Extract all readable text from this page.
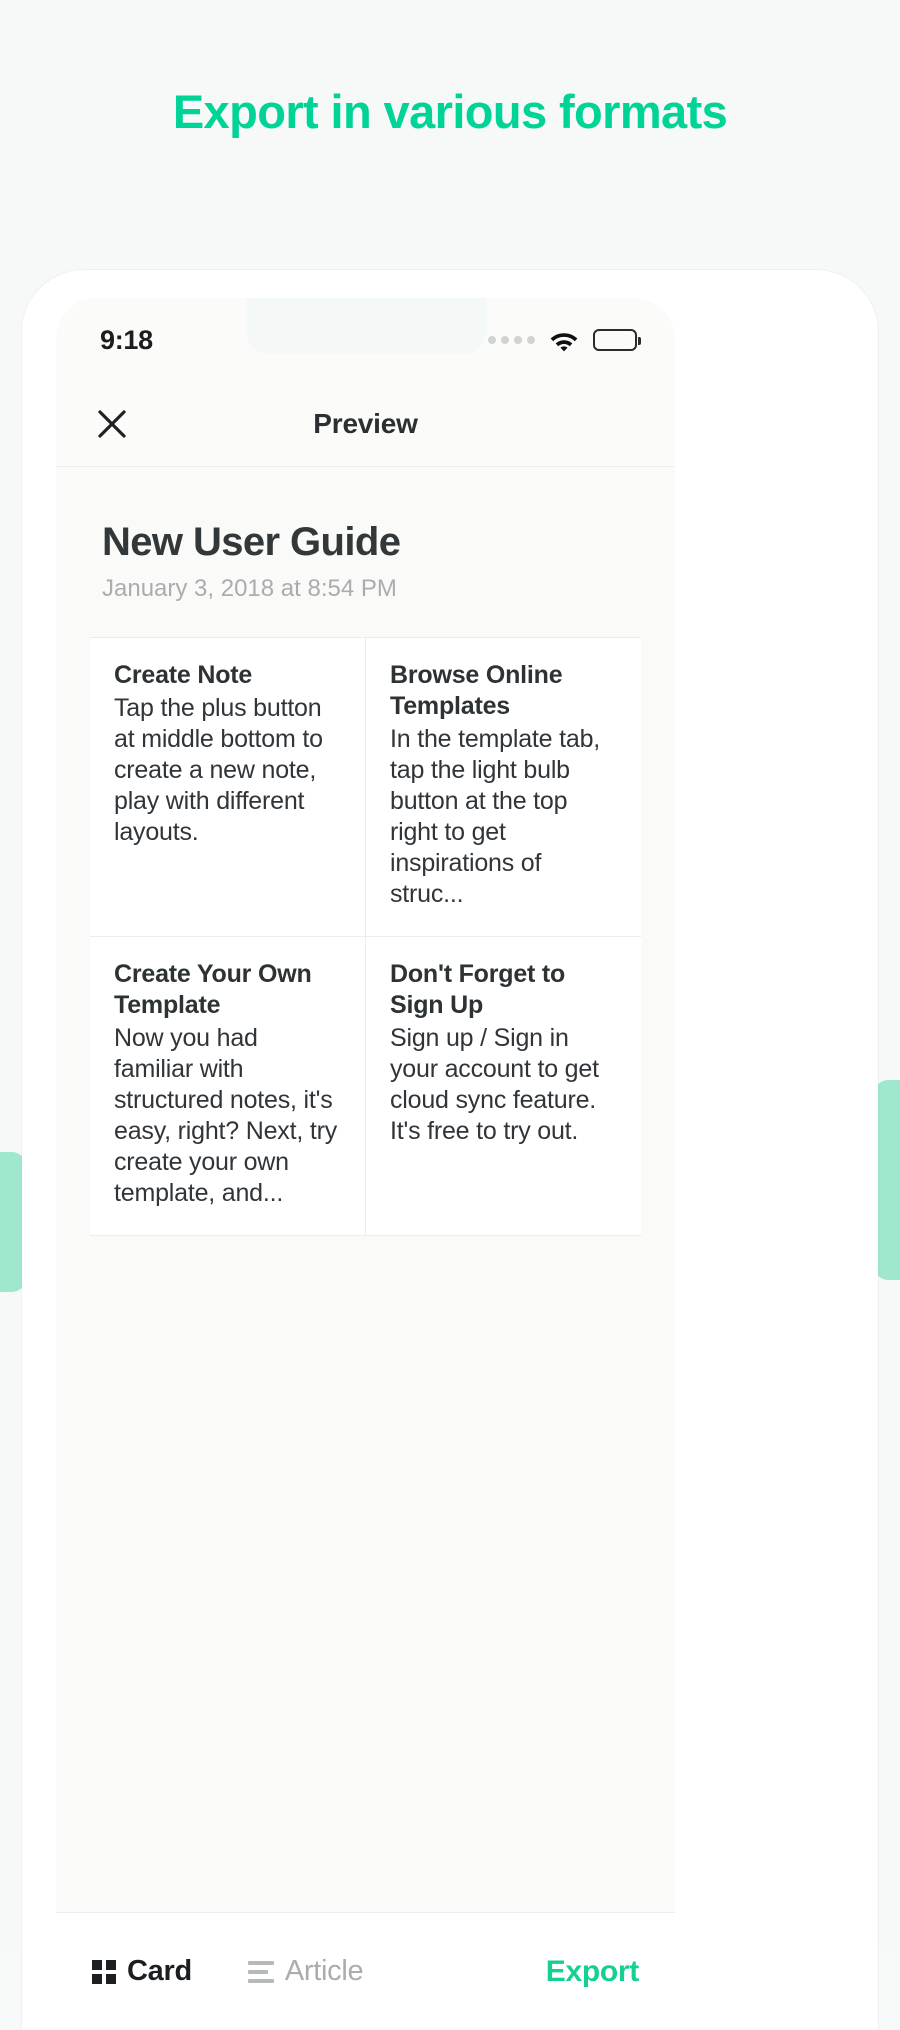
Export in various formats
9:18
Preview
New User Guide
January 3, 2018 at 8:54 PM
Create Note
Tap the plus button at middle bottom to create a new note, play with different layouts.
Browse Online Templates
In the template tab, tap the light bulb button at the top right to get inspirations of struc...
Create Your Own Template
Now you had familiar with structured notes, it's easy, right? Next, try create your own template, and...
Don't Forget to Sign Up
Sign up / Sign in your account to get cloud sync feature. It's free to try out.
Card	Article	Export
